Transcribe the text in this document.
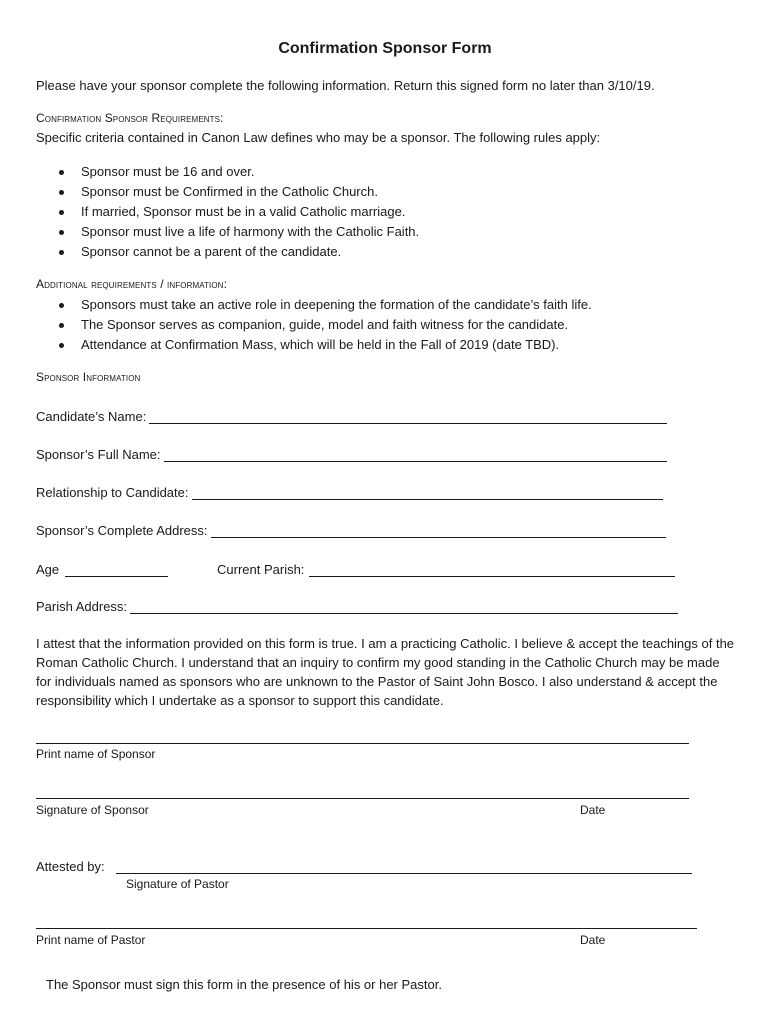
Confirmation Sponsor Form
Please have your sponsor complete the following information. Return this signed form no later than 3/10/19.
Confirmation Sponsor Requirements:
Specific criteria contained in Canon Law defines who may be a sponsor. The following rules apply:
Sponsor must be 16 and over.
Sponsor must be Confirmed in the Catholic Church.
If married, Sponsor must be in a valid Catholic marriage.
Sponsor must live a life of harmony with the Catholic Faith.
Sponsor cannot be a parent of the candidate.
Additional requirements / information:
Sponsors must take an active role in deepening the formation of the candidate’s faith life.
The Sponsor serves as companion, guide, model and faith witness for the candidate.
Attendance at Confirmation Mass, which will be held in the Fall of 2019 (date TBD).
Sponsor Information
Candidate’s Name:
Sponsor’s Full Name:
Relationship to Candidate:
Sponsor’s Complete Address:
Age	Current Parish:
Parish Address:
I attest that the information provided on this form is true. I am a practicing Catholic. I believe & accept the teachings of the Roman Catholic Church. I understand that an inquiry to confirm my good standing in the Catholic Church may be made for individuals named as sponsors who are unknown to the Pastor of Saint John Bosco. I also understand & accept the responsibility which I undertake as a sponsor to support this candidate.
Print name of Sponsor
Signature of Sponsor	Date
Attested by:
Signature of Pastor
Print name of Pastor	Date
The Sponsor must sign this form in the presence of his or her Pastor.
